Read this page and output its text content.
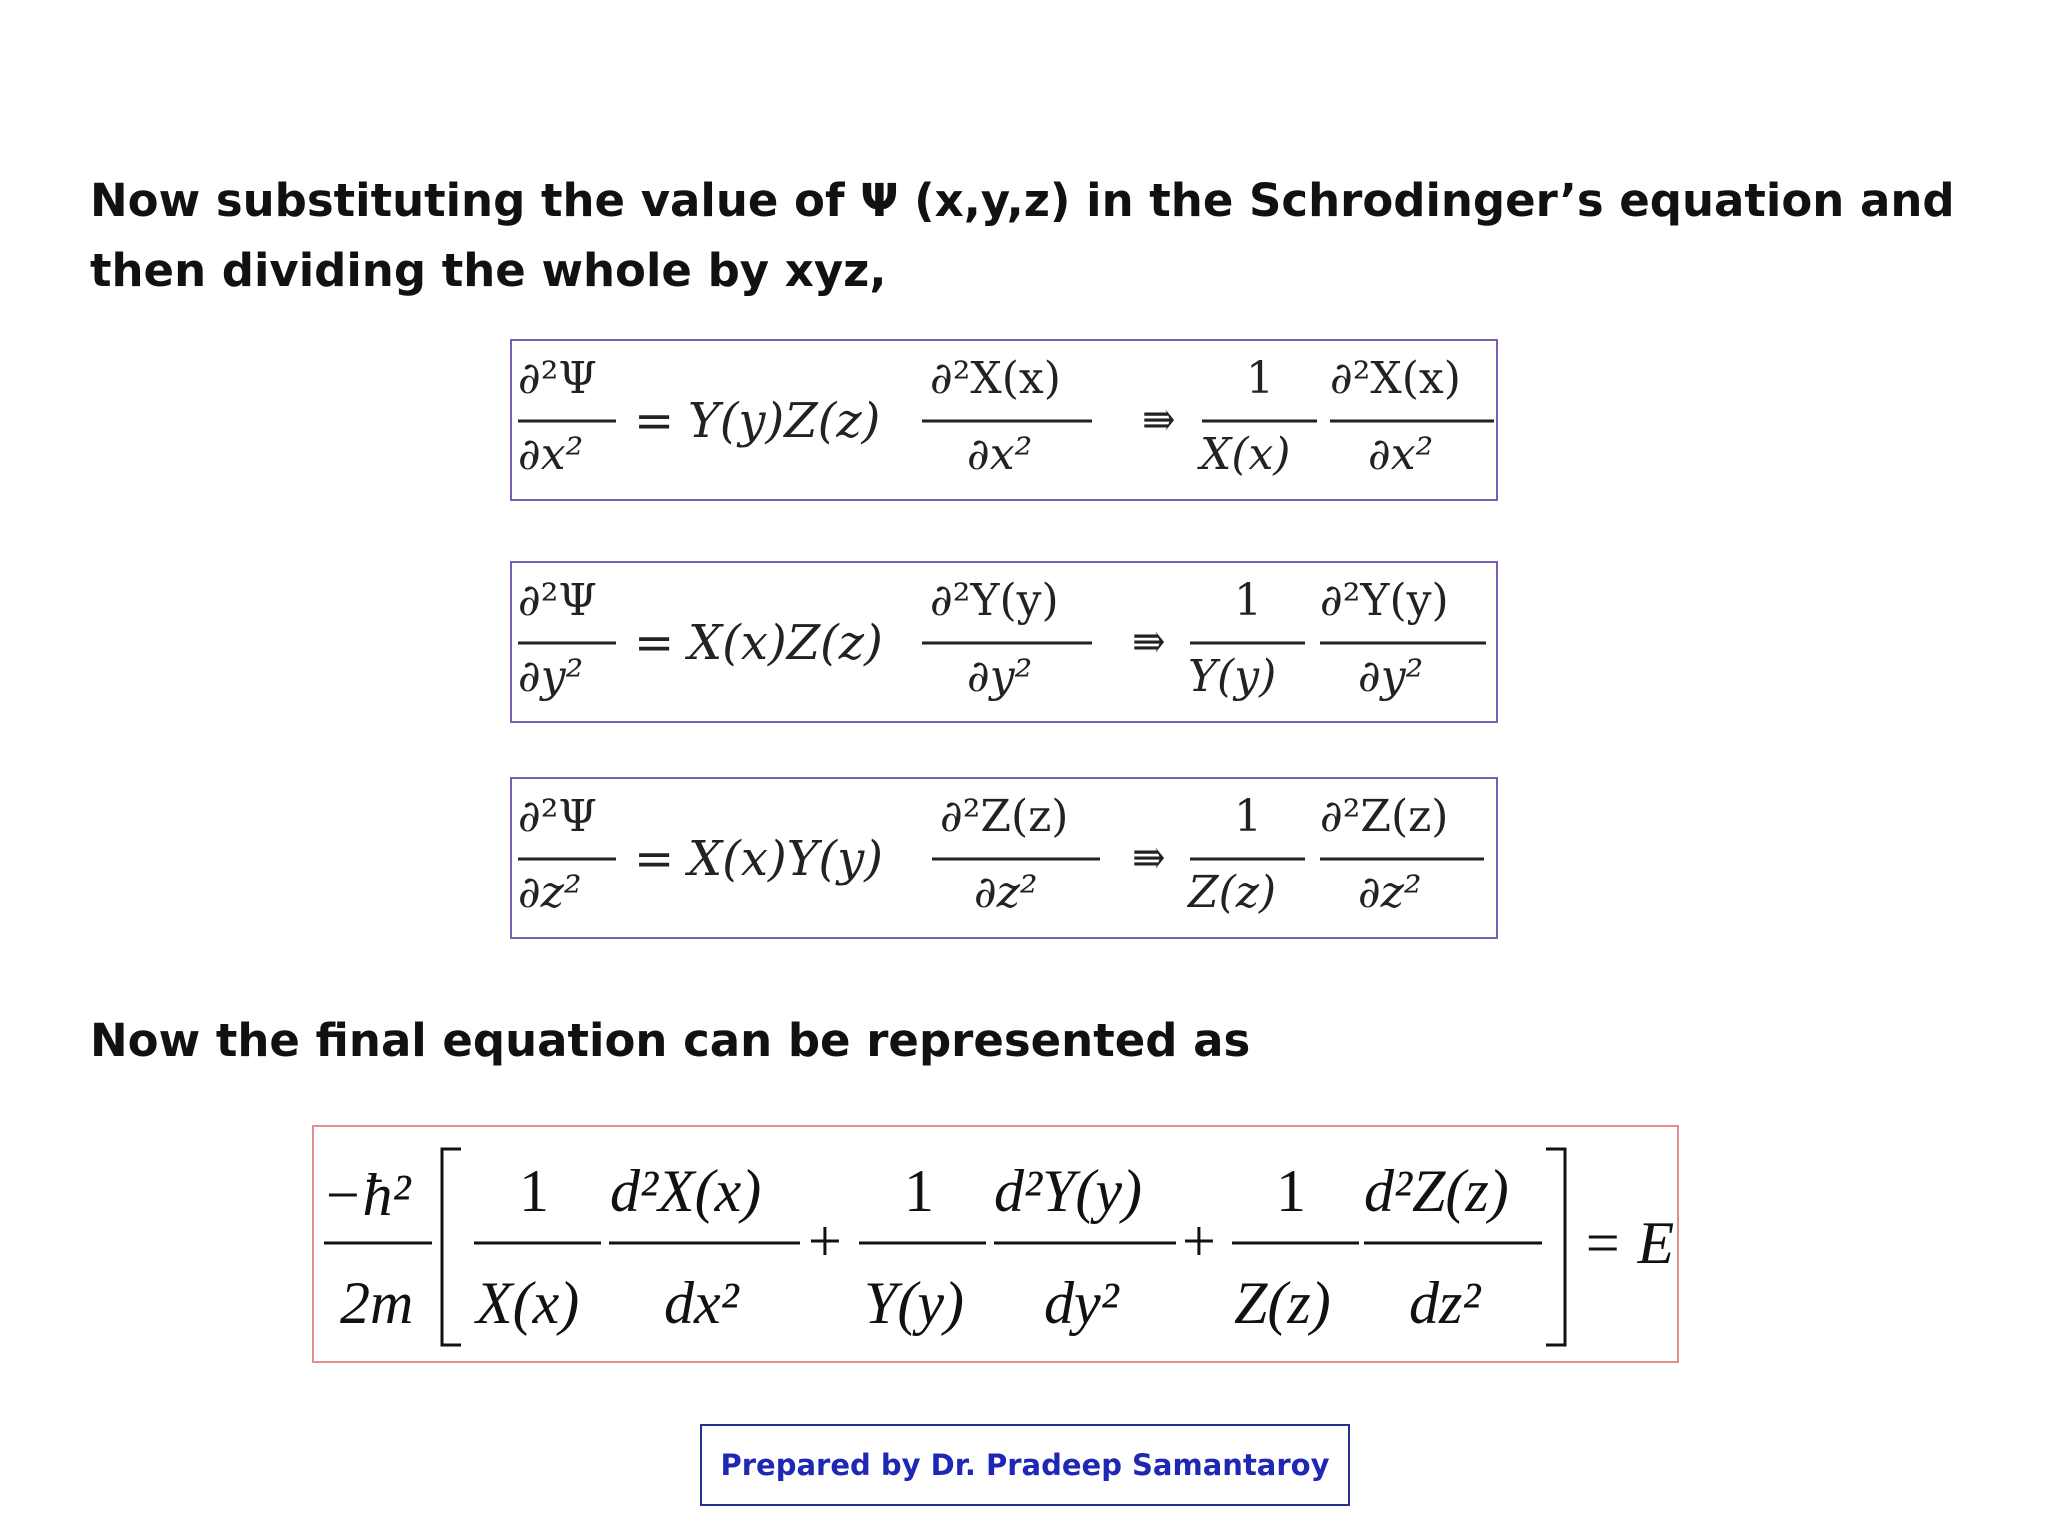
Now substituting the value of Ψ (x,y,z) in the Schrodinger’s equation and then dividing the whole by xyz,
∂²Ψ
∂x²
= Y(y)Z(z)
∂²X(x)
∂x²
⇛
1
X(x)
∂²X(x)
∂x²
∂²Ψ
∂y²
= X(x)Z(z)
∂²Y(y)
∂y²
⇛
1
Y(y)
∂²Y(y)
∂y²
∂²Ψ
∂z²
= X(x)Y(y)
∂²Z(z)
∂z²
⇛
1
Z(z)
∂²Z(z)
∂z²
Now the final equation can be represented as
−ħ²
2m
1
X(x)
d²X(x)
dx²
+
1
Y(y)
d²Y(y)
dy²
+
1
Z(z)
d²Z(z)
dz²
= E
Prepared by Dr. Pradeep Samantaroy
